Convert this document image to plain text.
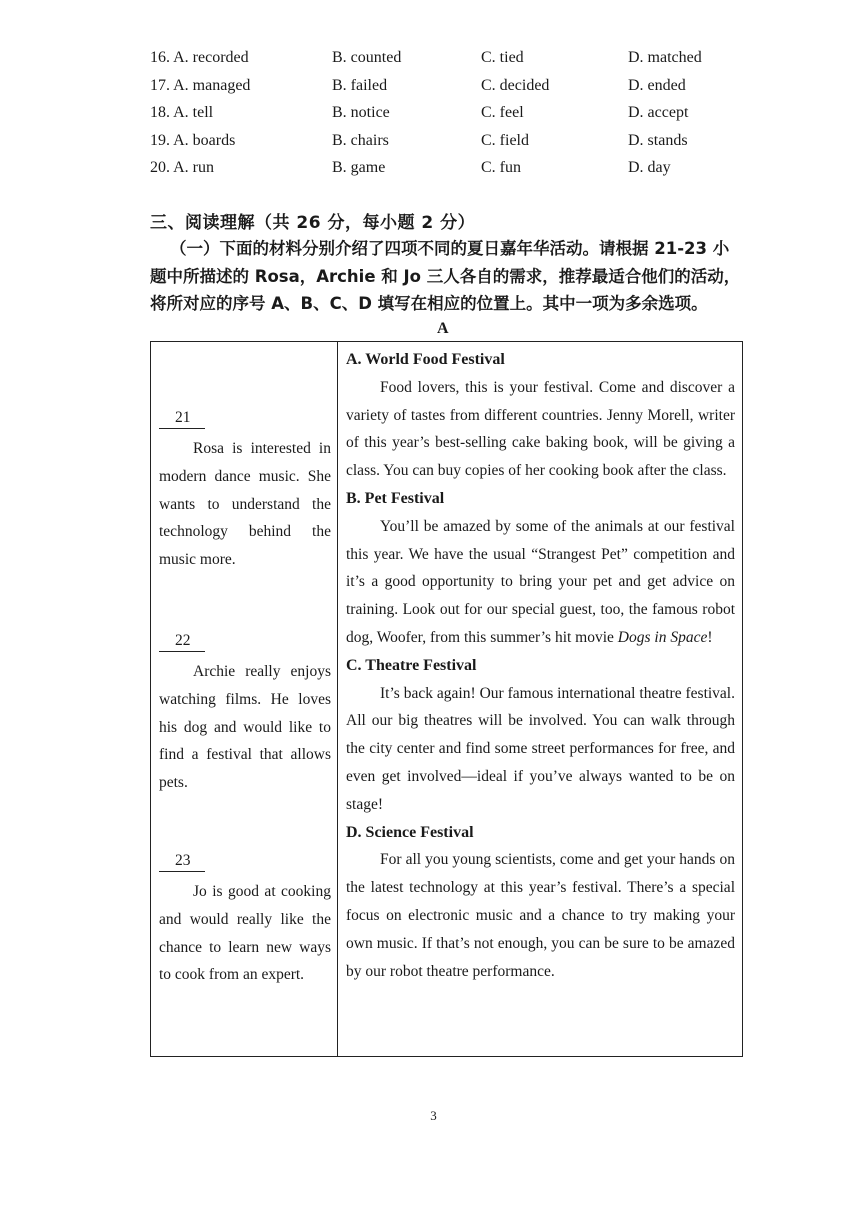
16. A. recorded	B. counted	C. tied	D. matched
17. A. managed	B. failed	C. decided	D. ended
18. A. tell	B. notice	C. feel	D. accept
19. A. boards	B. chairs	C. field	D. stands
20. A. run	B. game	C. fun	D. day
三、阅读理解（共 26 分，每小题 2 分）
（一）下面的材料分别介绍了四项不同的夏日嘉年华活动。请根据 21-23 小题中所描述的 Rosa，Archie 和 Jo 三人各自的需求，推荐最适合他们的活动，将所对应的序号 A、B、C、D 填写在相应的位置上。其中一项为多余选项。
A
21
Rosa is interested in modern dance music. She wants to understand the technology behind the music more.
22
Archie really enjoys watching films. He loves his dog and would like to find a festival that allows pets.
23
Jo is good at cooking and would really like the chance to learn new ways to cook from an expert.
A. World Food Festival
Food lovers, this is your festival. Come and discover a variety of tastes from different countries. Jenny Morell, writer of this year’s best-selling cake baking book, will be giving a class. You can buy copies of her cooking book after the class.
B. Pet Festival
You’ll be amazed by some of the animals at our festival this year. We have the usual “Strangest Pet” competition and it’s a good opportunity to bring your pet and get advice on training. Look out for our special guest, too, the famous robot dog, Woofer, from this summer’s hit movie Dogs in Space!
C. Theatre Festival
It’s back again! Our famous international theatre festival. All our big theatres will be involved. You can walk through the city center and find some street performances for free, and even get involved—ideal if you’ve always wanted to be on stage!
D. Science Festival
For all you young scientists, come and get your hands on the latest technology at this year’s festival. There’s a special focus on electronic music and a chance to try making your own music. If that’s not enough, you can be sure to be amazed by our robot theatre performance.
3
